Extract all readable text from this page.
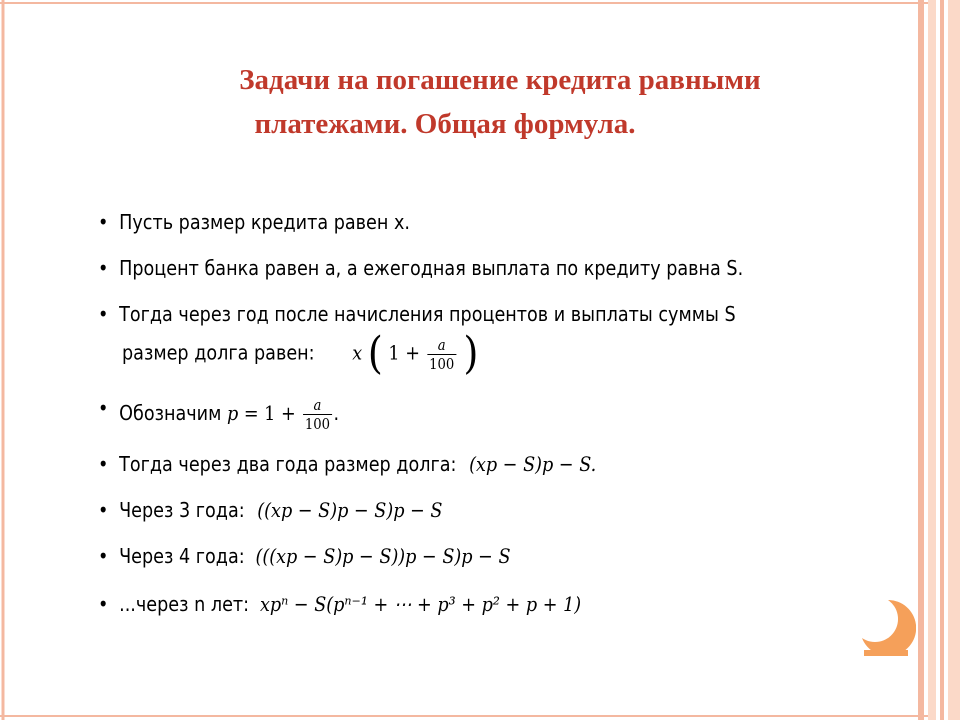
Задачи на погашение кредита равными
платежами. Общая формула.
• Пусть размер кредита равен х.
• Процент банка равен а, а ежегодная выплата по кредиту равна S.
• Тогда через год после начисления процентов и выплаты суммы S
размер долга равен: x ( $1 + \frac{a}{100}$ )
• Обозначим $p = 1 + \frac{a}{100}$ .
• Тогда через два года размер долга: (xp − S)p − S.
• Через 3 года: ((xp − S)p − S)p − S
• Через 4 года: (((xp − S)p − S))p − S)p − S
• ...через n лет: xpⁿ − S(pⁿ⁻¹ + ⋯ + p³ + p² + p + 1)
